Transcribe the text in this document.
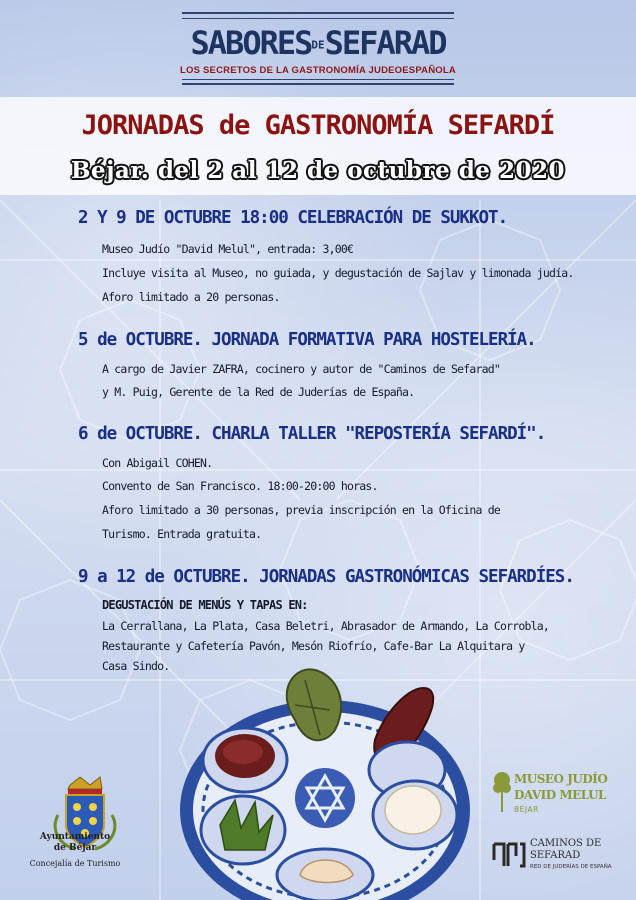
SABORESDESEFARAD
LOS SECRETOS DE LA GASTRONOMÍA JUDEOESPAÑOLA
JORNADAS de GASTRONOMÍA SEFARDÍ
Béjar. del 2 al 12 de octubre de 2020
2 Y 9 DE OCTUBRE 18:00 CELEBRACIÓN DE SUKKOT.
Museo Judío "David Melul", entrada: 3,00€
Incluye visita al Museo, no guiada, y degustación de Sajlav y limonada judía.
Aforo limitado a 20 personas.
5 de OCTUBRE. JORNADA FORMATIVA PARA HOSTELERÍA.
A cargo de Javier ZAFRA, cocinero y autor de "Caminos de Sefarad"
y M. Puig, Gerente de la Red de Juderías de España.
6 de OCTUBRE. CHARLA TALLER "REPOSTERÍA SEFARDÍ".
Con Abigail COHEN.
Convento de San Francisco. 18:00-20:00 horas.
Aforo limitado a 30 personas, previa inscripción en la Oficina de
Turismo. Entrada gratuita.
9 a 12 de OCTUBRE. JORNADAS GASTRONÓMICAS SEFARDÍES.
DEGUSTACIÓN DE MENÚS Y TAPAS EN:
La Cerrallana, La Plata, Casa Beletri, Abrasador de Armando, La Corrobla,
Restaurante y Cafetería Pavón, Mesón Riofrío, Cafe-Bar La Alquitara y
Casa Sindo.
Ayuntamiento
de Béjar
Concejalía de Turismo
MUSEO JUDÍO
DAVID MELUL
BÉJAR
CAMINOS DE
SEFARAD
RED DE JUDERÍAS DE ESPAÑA
